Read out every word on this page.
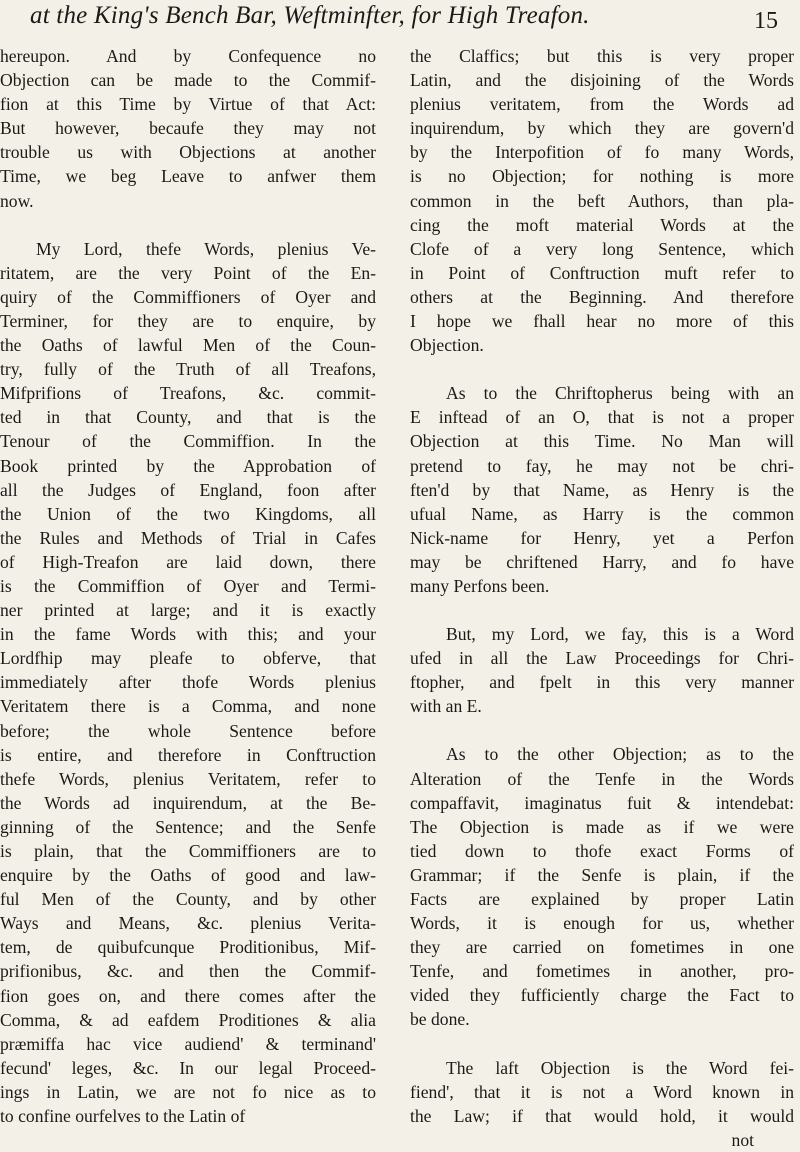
at the King's Bench Bar, Weftminfter, for High Treafon.	15
hereupon. And by Confequence no
Objection can be made to the Commif-
fion at this Time by Virtue of that Act:
But however, becaufe they may not
trouble us with Objections at another
Time, we beg Leave to anfwer them
now.
My Lord, thefe Words, plenius Ve-
ritatem, are the very Point of the En-
quiry of the Commiffioners of Oyer and
Terminer, for they are to enquire, by
the Oaths of lawful Men of the Coun-
try, fully of the Truth of all Treafons,
Mifprifions of Treafons, &c. commit-
ted in that County, and that is the
Tenour of the Commiffion. In the
Book printed by the Approbation of
all the Judges of England, foon after
the Union of the two Kingdoms, all
the Rules and Methods of Trial in Cafes
of High-Treafon are laid down, there
is the Commiffion of Oyer and Termi-
ner printed at large; and it is exactly
in the fame Words with this; and your
Lordfhip may pleafe to obferve, that
immediately after thofe Words plenius
Veritatem there is a Comma, and none
before; the whole Sentence before
is entire, and therefore in Conftruction
thefe Words, plenius Veritatem, refer to
the Words ad inquirendum, at the Be-
ginning of the Sentence; and the Senfe
is plain, that the Commiffioners are to
enquire by the Oaths of good and law-
ful Men of the County, and by other
Ways and Means, &c. plenius Verita-
tem, de quibufcunque Proditionibus, Mif-
prifionibus, &c. and then the Commif-
fion goes on, and there comes after the
Comma, & ad eafdem Proditiones & alia
præmiffa hac vice audiend' & terminand'
fecund' leges, &c. In our legal Proceed-
ings in Latin, we are not fo nice as to
to confine ourfelves to the Latin of
the Claffics; but this is very proper
Latin, and the disjoining of the Words
plenius veritatem, from the Words ad
inquirendum, by which they are govern'd
by the Interpofition of fo many Words,
is no Objection; for nothing is more
common in the beft Authors, than pla-
cing the moft material Words at the
Clofe of a very long Sentence, which
in Point of Conftruction muft refer to
others at the Beginning. And therefore
I hope we fhall hear no more of this
Objection.
As to the Chriftopherus being with an
E inftead of an O, that is not a proper
Objection at this Time. No Man will
pretend to fay, he may not be chri-
ften'd by that Name, as Henry is the
ufual Name, as Harry is the common
Nick-name for Henry, yet a Perfon
may be chriftened Harry, and fo have
many Perfons been.
But, my Lord, we fay, this is a Word
ufed in all the Law Proceedings for Chri-
ftopher, and fpelt in this very manner
with an E.
As to the other Objection; as to the
Alteration of the Tenfe in the Words
compaffavit, imaginatus fuit & intendebat:
The Objection is made as if we were
tied down to thofe exact Forms of
Grammar; if the Senfe is plain, if the
Facts are explained by proper Latin
Words, it is enough for us, whether
they are carried on fometimes in one
Tenfe, and fometimes in another, pro-
vided they fufficiently charge the Fact to
be done.
The laft Objection is the Word fei-
fiend', that it is not a Word known in
the Law; if that would hold, it would
not
